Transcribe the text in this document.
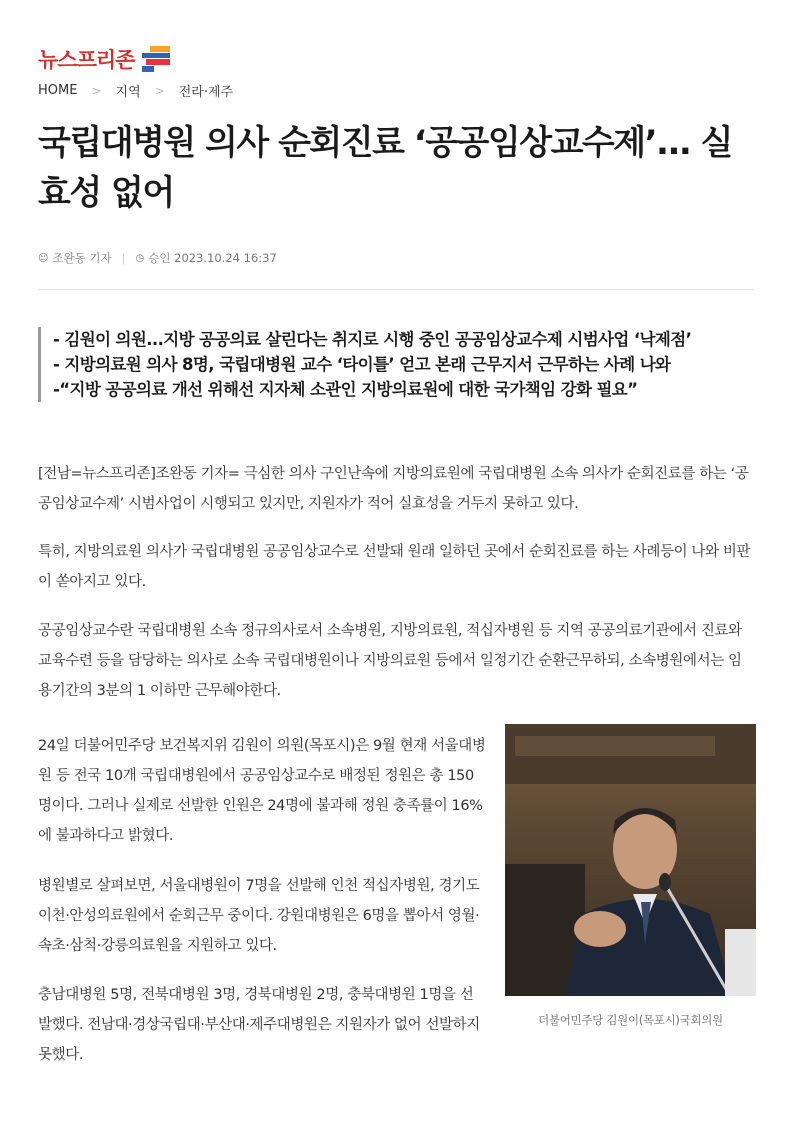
뉴스프리존
HOME > 지역 > 전라·제주
국립대병원 의사 순회진료 ‘공공임상교수제’... 실효성 없어
☺ 조완동 기자 | ◷ 승인 2023.10.24 16:37
- 김원이 의원...지방 공공의료 살린다는 취지로 시행 중인 공공임상교수제 시범사업 ‘낙제점’
- 지방의료원 의사 8명, 국립대병원 교수 ‘타이틀’ 얻고 본래 근무지서 근무하는 사례 나와
-“지방 공공의료 개선 위해선 지자체 소관인 지방의료원에 대한 국가책임 강화 필요”

[전남=뉴스프리존]조완동 기자= 극심한 의사 구인난속에 지방의료원에 국립대병원 소속 의사가 순회진료를 하는 ‘공공임상교수제’ 시범사업이 시행되고 있지만, 지원자가 적어 실효성을 거두지 못하고 있다.

특히, 지방의료원 의사가 국립대병원 공공임상교수로 선발돼 원래 일하던 곳에서 순회진료를 하는 사례등이 나와 비판이 쏟아지고 있다.

공공임상교수란 국립대병원 소속 정규의사로서 소속병원, 지방의료원, 적십자병원 등 지역 공공의료기관에서 진료와 교육수련 등을 담당하는 의사로 소속 국립대병원이나 지방의료원 등에서 일정기간 순환근무하되, 소속병원에서는 임용기간의 3분의 1 이하만 근무해야한다.

24일 더불어민주당 보건복지위 김원이 의원(목포시)은 9월 현재 서울대병원 등 전국 10개 국립대병원에서 공공임상교수로 배정된 정원은 총 150명이다. 그러나 실제로 선발한 인원은 24명에 불과해 정원 충족률이 16%에 불과하다고 밝혔다.

병원별로 살펴보면, 서울대병원이 7명을 선발해 인천 적십자병원, 경기도 이천·안성의료원에서 순회근무 중이다. 강원대병원은 6명을 뽑아서 영월·속초·삼척·강릉의료원을 지원하고 있다.

충남대병원 5명, 전북대병원 3명, 경북대병원 2명, 충북대병원 1명을 선발했다. 전남대·경상국립대·부산대·제주대병원은 지원자가 없어 선발하지 못했다.

더불어민주당 김원이(목포시)국회의원
